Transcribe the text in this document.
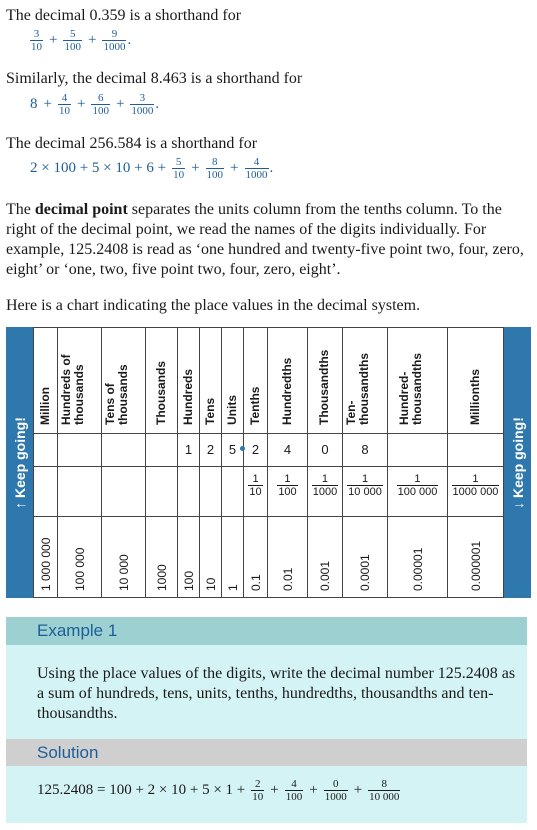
The decimal 0.359 is a shorthand for
$\frac{3}{10} + \frac{5}{100} + \frac{9}{1000}$ .
Similarly, the decimal 8.463 is a shorthand for
$8 + \frac{4}{10} + \frac{6}{100} + \frac{3}{1000}$ .
The decimal 256.584 is a shorthand for
$2 \times 100 + 5 \times 10 + 6 + \frac{5}{10} + \frac{8}{100} + \frac{4}{1000}$ .
The decimal point separates the units column from the tenths column. To the right of the decimal point, we read the names of the digits individually. For example, 125.2408 is read as ‘one hundred and twenty-five point two, four, zero, eight’ or ‘one, two, five point two, four, zero, eight’.
Here is a chart indicating the place values in the decimal system.
↑ Keep going!	↓ Keep going!
Million
1 000 000
Hundreds of
thousands
100 000
Tens of
thousands
10 000
Thousands
1000
Hundreds
1
100
Tens
2
10
Units
5
1
Tenths
2
$\frac{1}{10}$
0.1
Hundredths
4
$\frac{1}{100}$
0.01
Thousandths
0
$\frac{1}{1000}$
0.001
Ten-
thousandths
8
$\frac{1}{10 000}$
0.0001
Hundred-
thousandths
$\frac{1}{100 000}$
0.00001
Millionths
$\frac{1}{1000 000}$
0.000001
Example 1
Using the place values of the digits, write the decimal number 125.2408 as a sum of hundreds, tens, units, tenths, hundredths, thousandths and ten-thousandths.
Solution
$125.2408 = 100 + 2 \times 10 + 5 \times 1 + \frac{2}{10} + \frac{4}{100} + \frac{0}{1000} + \frac{8}{10 000}$
